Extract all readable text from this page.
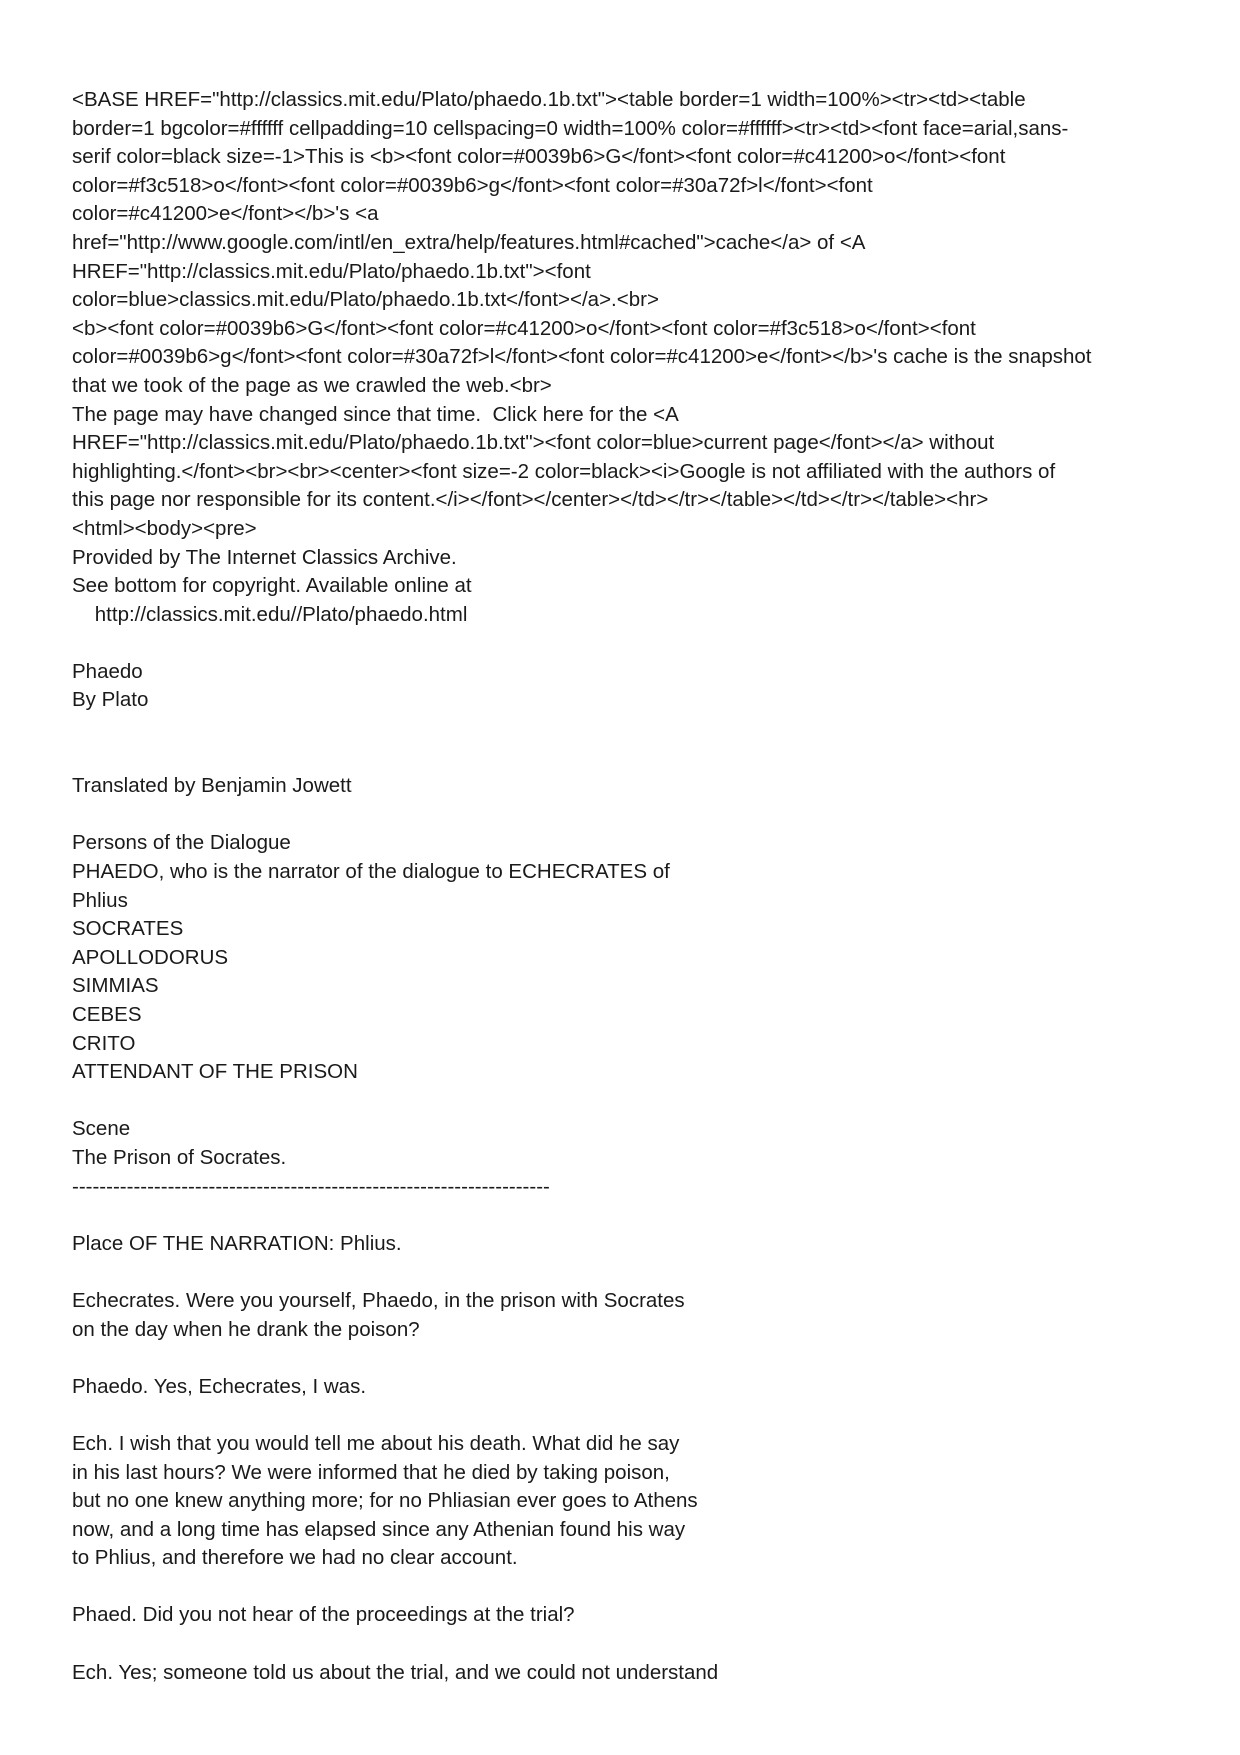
<BASE HREF="http://classics.mit.edu/Plato/phaedo.1b.txt"><table border=1 width=100%><tr><td><table
border=1 bgcolor=#ffffff cellpadding=10 cellspacing=0 width=100% color=#ffffff><tr><td><font face=arial,sans-
serif color=black size=-1>This is <b><font color=#0039b6>G</font><font color=#c41200>o</font><font
color=#f3c518>o</font><font color=#0039b6>g</font><font color=#30a72f>l</font><font
color=#c41200>e</font></b>'s <a
href="http://www.google.com/intl/en_extra/help/features.html#cached">cache</a> of <A
HREF="http://classics.mit.edu/Plato/phaedo.1b.txt"><font
color=blue>classics.mit.edu/Plato/phaedo.1b.txt</font></a>.<br>
<b><font color=#0039b6>G</font><font color=#c41200>o</font><font color=#f3c518>o</font><font
color=#0039b6>g</font><font color=#30a72f>l</font><font color=#c41200>e</font></b>'s cache is the snapshot
that we took of the page as we crawled the web.<br>
The page may have changed since that time.  Click here for the <A
HREF="http://classics.mit.edu/Plato/phaedo.1b.txt"><font color=blue>current page</font></a> without
highlighting.</font><br><br><center><font size=-2 color=black><i>Google is not affiliated with the authors of
this page nor responsible for its content.</i></font></center></td></tr></table></td></tr></table><hr>
<html><body><pre>
Provided by The Internet Classics Archive.
See bottom for copyright. Available online at
http://classics.mit.edu//Plato/phaedo.html
Phaedo
By Plato
Translated by Benjamin Jowett
Persons of the Dialogue
PHAEDO, who is the narrator of the dialogue to ECHECRATES of
Phlius
SOCRATES
APOLLODORUS
SIMMIAS
CEBES
CRITO
ATTENDANT OF THE PRISON
Scene
The Prison of Socrates.
----------------------------------------------------------------------
Place OF THE NARRATION: Phlius.
Echecrates. Were you yourself, Phaedo, in the prison with Socrates
on the day when he drank the poison?
Phaedo. Yes, Echecrates, I was.
Ech. I wish that you would tell me about his death. What did he say
in his last hours? We were informed that he died by taking poison,
but no one knew anything more; for no Phliasian ever goes to Athens
now, and a long time has elapsed since any Athenian found his way
to Phlius, and therefore we had no clear account.
Phaed. Did you not hear of the proceedings at the trial?
Ech. Yes; someone told us about the trial, and we could not understand
